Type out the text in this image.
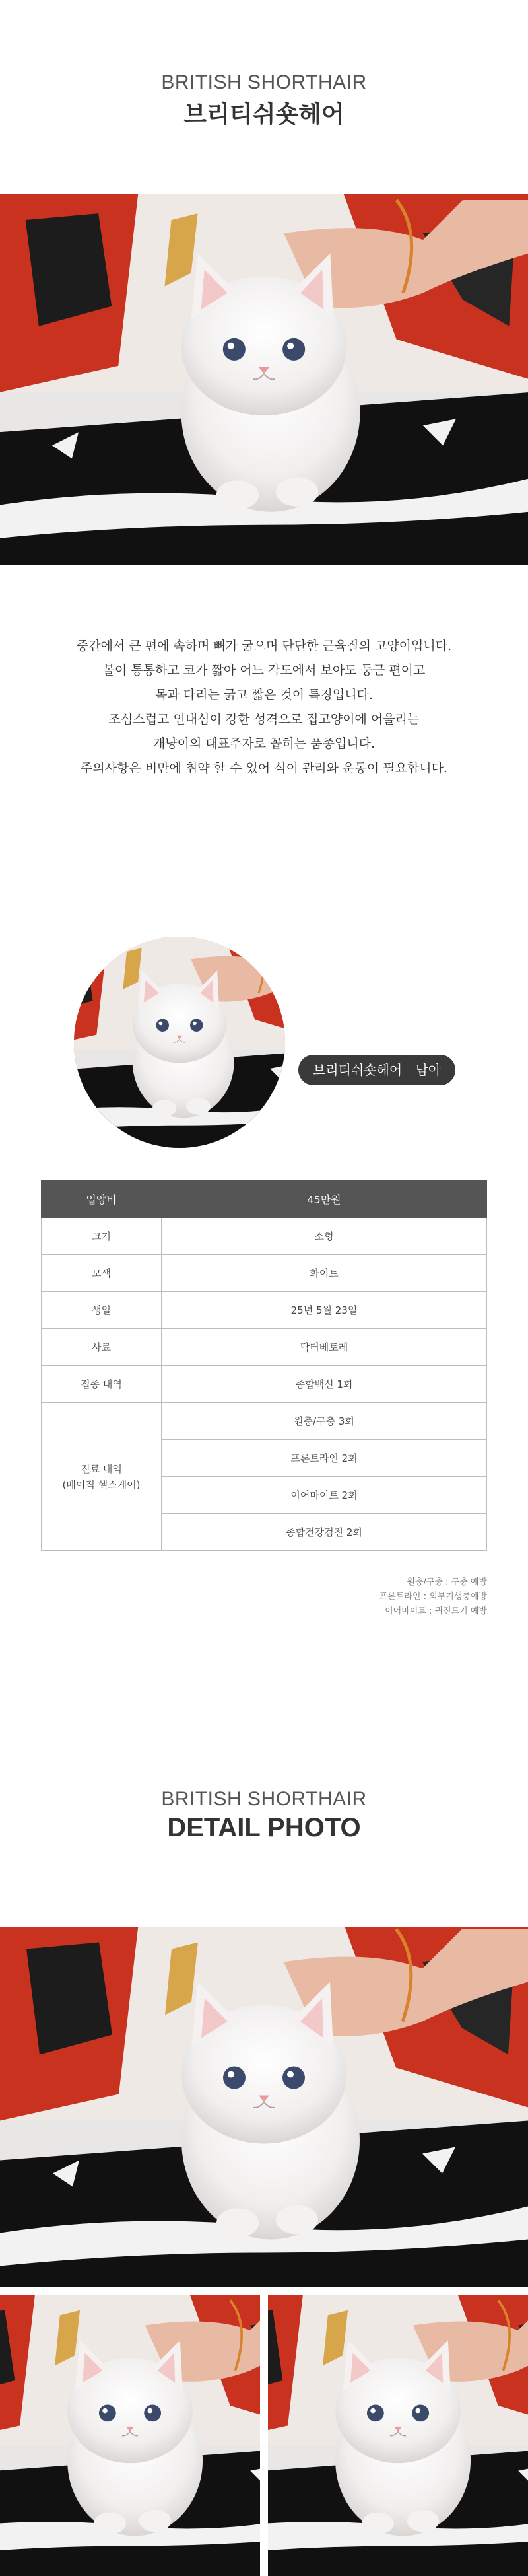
BRITISH SHORTHAIR
브리티쉬숏헤어

중간에서 큰 편에 속하며 뼈가 굵으며 단단한 근육질의 고양이입니다.

볼이 통통하고 코가 짧아 어느 각도에서 보아도 둥근 편이고

목과 다리는 굵고 짧은 것이 특징입니다.

조심스럽고 인내심이 강한 성격으로 집고양이에 어울리는

개냥이의 대표주자로 꼽히는 품종입니다.

주의사항은 비만에 취약 할 수 있어 식이 관리와 운동이 필요합니다.

브리티쉬숏헤어 남아
입양비	45만원
크기	소형
모색	화이트
생일	25년 5월 23일
사료	닥터베토레
접종 내역	종합백신 1회
진료 내역
(베이직 헬스케어)	원충/구충 3회
	프론트라인 2회
	이어마이트 2회
	종합건강검진 2회
원충/구충 : 구충 예방
프론트라인 : 외부기생충예방
이어마이트 : 귀진드기 예방
BRITISH SHORTHAIR
DETAIL PHOTO
